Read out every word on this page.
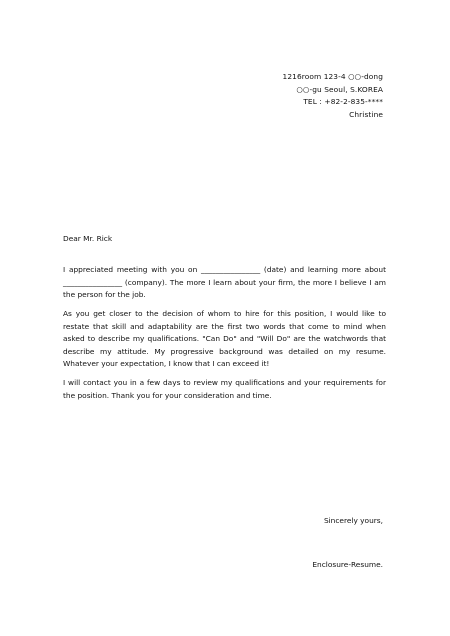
1216room 123-4 ○○-dong
○○-gu Seoul, S.KOREA
TEL : +82-2-835-****
Christine
Dear Mr. Rick
I appreciated meeting with you on ________________ (date) and learning more about ________________ (company). The more I learn about your firm, the more I believe I am the person for the job.
As you get closer to the decision of whom to hire for this position, I would like to restate that skill and adaptability are the first two words that come to mind when asked to describe my qualifications. "Can Do" and "Will Do" are the watchwords that describe my attitude. My progressive background was detailed on my resume. Whatever your expectation, I know that I can exceed it!
I will contact you in a few days to review my qualifications and your requirements for the position. Thank you for your consideration and time.
Sincerely yours,
Enclosure-Resume.
